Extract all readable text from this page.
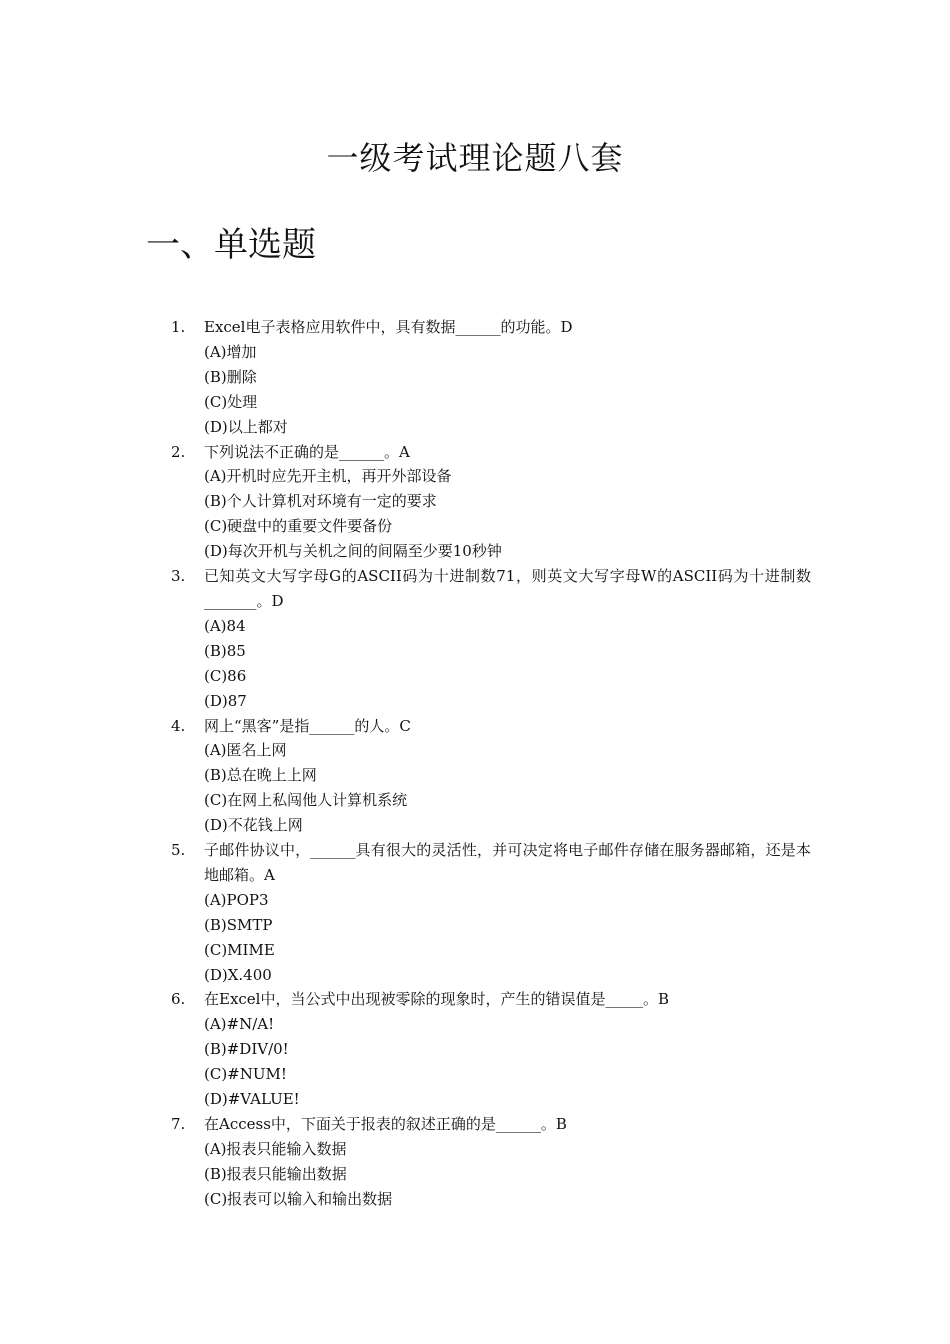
一级考试理论题八套
一、单选题
1. Excel电子表格应用软件中，具有数据______的功能。D
(A)增加
(B)删除
(C)处理
(D)以上都对
2. 下列说法不正确的是______。A
(A)开机时应先开主机，再开外部设备
(B)个人计算机对环境有一定的要求
(C)硬盘中的重要文件要备份
(D)每次开机与关机之间的间隔至少要10秒钟
3. 已知英文大写字母G的ASCII码为十进制数71，则英文大写字母W的ASCII码为十进制数_______。D
(A)84
(B)85
(C)86
(D)87
4. 网上“黑客”是指______的人。C
(A)匿名上网
(B)总在晚上上网
(C)在网上私闯他人计算机系统
(D)不花钱上网
5. 子邮件协议中，______具有很大的灵活性，并可决定将电子邮件存储在服务器邮箱，还是本地邮箱。A
(A)POP3
(B)SMTP
(C)MIME
(D)X.400
6. 在Excel中，当公式中出现被零除的现象时，产生的错误值是_____。B
(A)#N/A!
(B)#DIV/0!
(C)#NUM!
(D)#VALUE!
7. 在Access中，下面关于报表的叙述正确的是______。B
(A)报表只能输入数据
(B)报表只能输出数据
(C)报表可以输入和输出数据
